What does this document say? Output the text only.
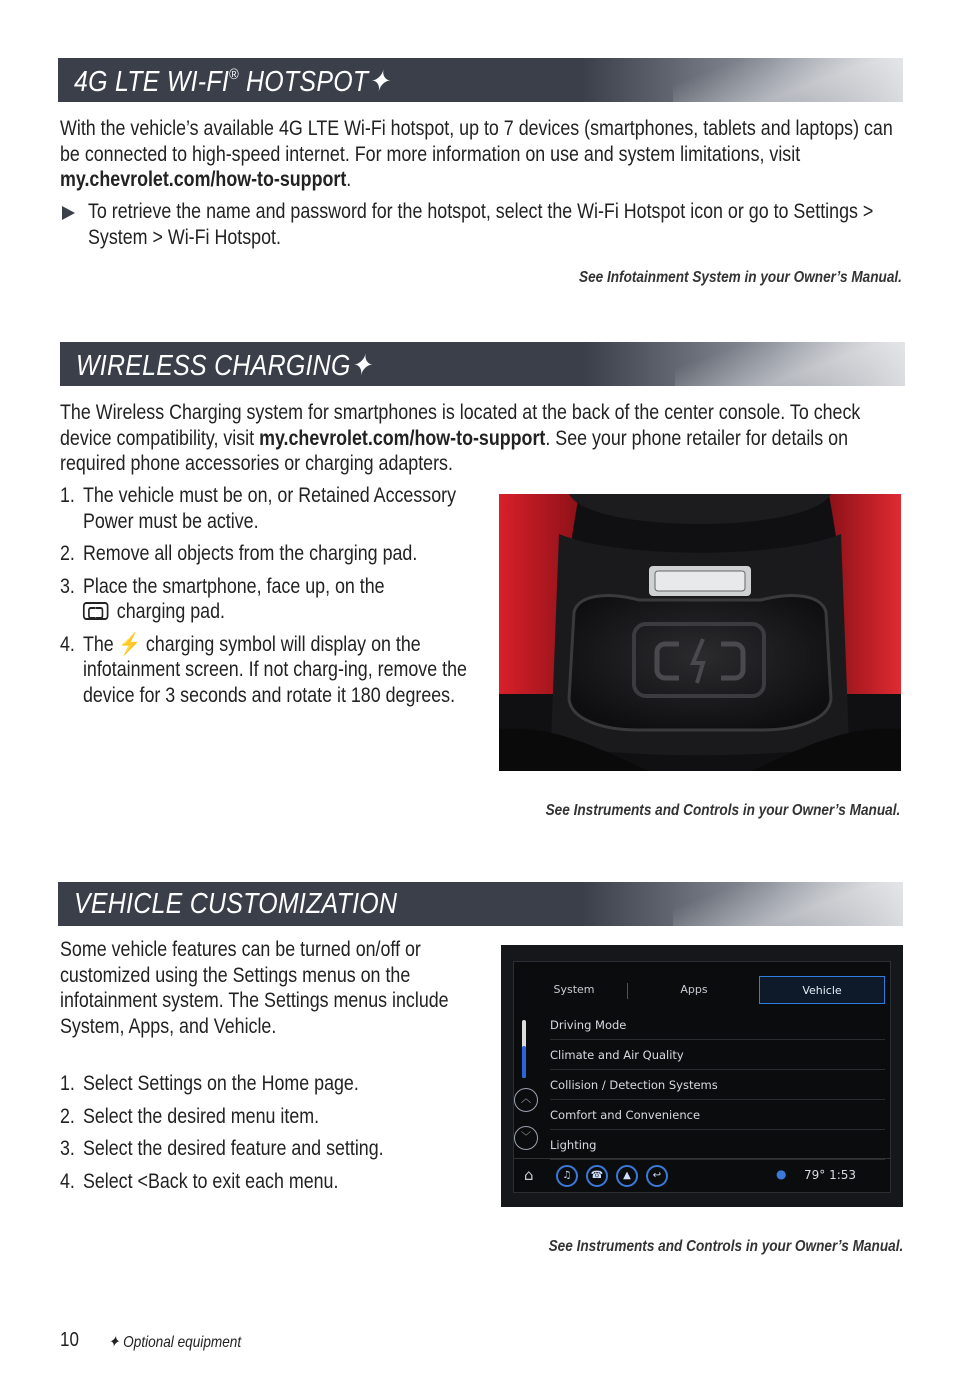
4G LTE WI-FI® HOTSPOT✦
With the vehicle’s available 4G LTE Wi-Fi hotspot, up to 7 devices (smartphones, tablets and laptops) can be connected to high-speed internet. For more information on use and system limitations, visit my.chevrolet.com/how-to-support.
To retrieve the name and password for the hotspot, select the Wi-Fi Hotspot icon or go to Settings > System > Wi-Fi Hotspot.
See Infotainment System in your Owner’s Manual.
WIRELESS CHARGING✦
The Wireless Charging system for smartphones is located at the back of the center console. To check device compatibility, visit my.chevrolet.com/how-to-support. See your phone retailer for details on required phone accessories or charging adapters.
1. The vehicle must be on, or Retained Accessory Power must be active.
2. Remove all objects from the charging pad.
3. Place the smartphone, face up, on the
charging pad.
4. The ⚡ charging symbol will display on the infotainment screen. If not charg-ing, remove the device for 3 seconds and rotate it 180 degrees.
See Instruments and Controls in your Owner’s Manual.
VEHICLE CUSTOMIZATION
Some vehicle features can be turned on/off or customized using the Settings menus on the infotainment system. The Settings menus include System, Apps, and Vehicle.
1. Select Settings on the Home page.
2. Select the desired menu item.
3. Select the desired feature and setting.
4. Select <Back to exit each menu.
System	Apps	Vehicle
Driving Mode
Climate and Air Quality
Collision / Detection Systems
Comfort and Convenience
Lighting
︿
﹀
⌂	♫	☎	▲	↩	● 79° 1:53
See Instruments and Controls in your Owner’s Manual.
10 ✦ Optional equipment
